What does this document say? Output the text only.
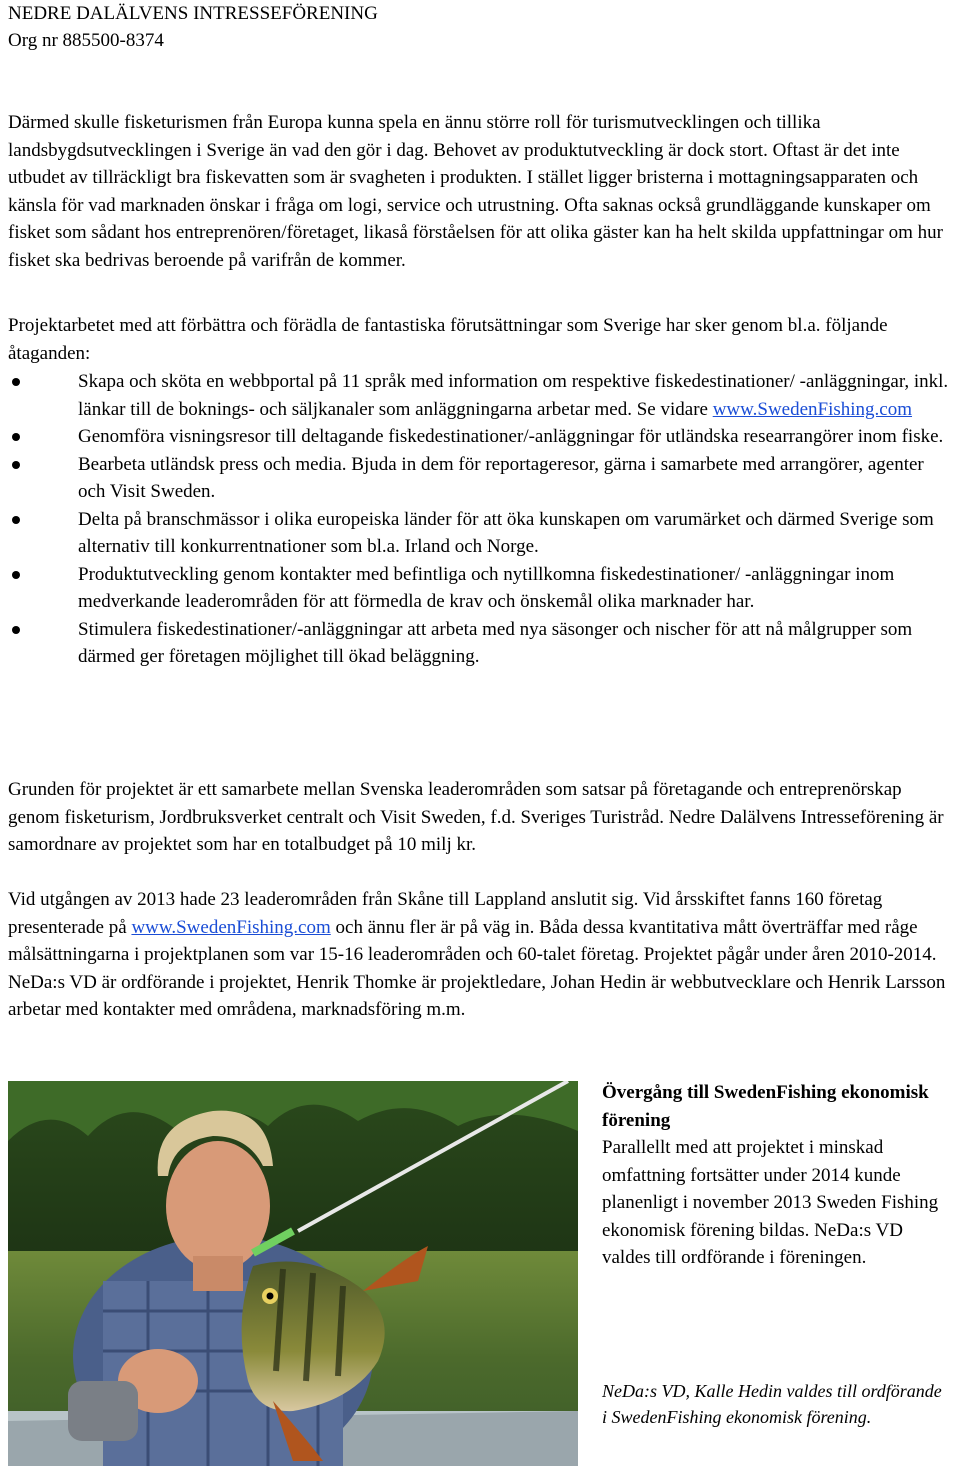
NEDRE DALÄLVENS INTRESSEFÖRENING
Org nr 885500-8374

Därmed skulle fisketurismen från Europa kunna spela en ännu större roll för turismutvecklingen och tillika landsbygdsutvecklingen i Sverige än vad den gör i dag. Behovet av produktutveckling är dock stort. Oftast är det inte utbudet av tillräckligt bra fiskevatten som är svagheten i produkten. I stället ligger bristerna i mottagningsapparaten och känsla för vad marknaden önskar i fråga om logi, service och utrustning. Ofta saknas också grundläggande kunskaper om fisket som sådant hos entreprenören/företaget, likaså förståelsen för att olika gäster kan ha helt skilda uppfattningar om hur fisket ska bedrivas beroende på varifrån de kommer.

Projektarbetet med att förbättra och förädla de fantastiska förutsättningar som Sverige har sker genom bl.a. följande åtaganden:

Skapa och sköta en webbportal på 11 språk med information om respektive fiskedestinationer/ -anläggningar, inkl. länkar till de boknings- och säljkanaler som anläggningarna arbetar med. Se vidare www.SwedenFishing.com
Genomföra visningsresor till deltagande fiskedestinationer/-anläggningar för utländska researrangörer inom fiske.
Bearbeta utländsk press och media. Bjuda in dem för reportageresor, gärna i samarbete med arrangörer, agenter och Visit Sweden.
Delta på branschmässor i olika europeiska länder för att öka kunskapen om varumärket och därmed Sverige som alternativ till konkurrentnationer som bl.a. Irland och Norge.
Produktutveckling genom kontakter med befintliga och nytillkomna fiskedestinationer/ -anläggningar inom medverkande leaderområden för att förmedla de krav och önskemål olika marknader har.
Stimulera fiskedestinationer/-anläggningar att arbeta med nya säsonger och nischer för att nå målgrupper som därmed ger företagen möjlighet till ökad beläggning.

Grunden för projektet är ett samarbete mellan Svenska leaderområden som satsar på företagande och entreprenörskap genom fisketurism, Jordbruksverket centralt och Visit Sweden, f.d. Sveriges Turistråd. Nedre Dalälvens Intresseförening är samordnare av projektet som har en totalbudget på 10 milj kr.

Vid utgången av 2013 hade 23 leaderområden från Skåne till Lappland anslutit sig. Vid årsskiftet fanns 160 företag presenterade på www.SwedenFishing.com och ännu fler är på väg in. Båda dessa kvantitativa mått överträffar med råge målsättningarna i projektplanen som var 15-16 leaderområden och 60-talet företag. Projektet pågår under åren 2010-2014. NeDa:s VD är ordförande i projektet, Henrik Thomke är projektledare, Johan Hedin är webbutvecklare och Henrik Larsson arbetar med kontakter med områdena, marknadsföring m.m.

Övergång till SwedenFishing ekonomisk förening
Parallellt med att projektet i minskad omfattning fortsätter under 2014 kunde planenligt i november 2013 Sweden Fishing ekonomisk förening bildas. NeDa:s VD valdes till ordförande i föreningen.
NeDa:s VD, Kalle Hedin valdes till ordförande i SwedenFishing ekonomisk förening.
